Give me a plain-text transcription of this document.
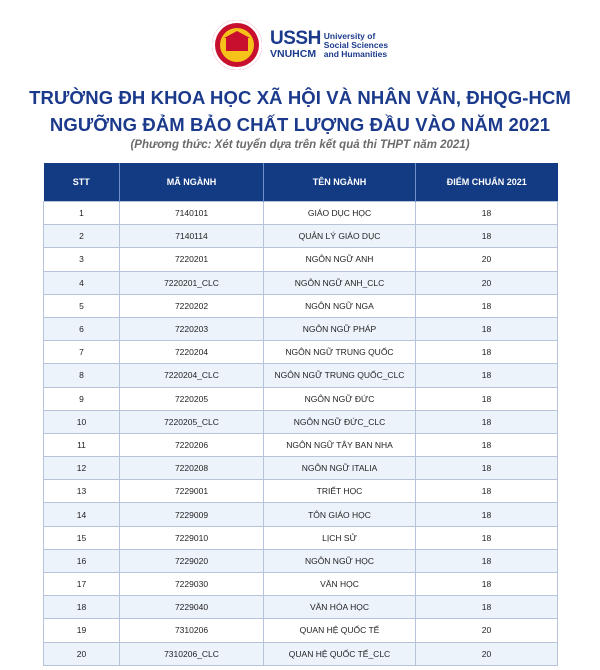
USSH
VNUHCM
University of
Social Sciences
and Humanities
TRƯỜNG ĐH KHOA HỌC XÃ HỘI VÀ NHÂN VĂN, ĐHQG-HCM
NGƯỠNG ĐẢM BẢO CHẤT LƯỢNG ĐẦU VÀO NĂM 2021
(Phương thức: Xét tuyển dựa trên kết quả thi THPT năm 2021)
STT	MÃ NGÀNH	TÊN NGÀNH	ĐIỂM CHUẨN 2021
1	7140101	GIÁO DỤC HỌC	18
2	7140114	QUẢN LÝ GIÁO DỤC	18
3	7220201	NGÔN NGỮ ANH	20
4	7220201_CLC	NGÔN NGỮ ANH_CLC	20
5	7220202	NGÔN NGỮ NGA	18
6	7220203	NGÔN NGỮ PHÁP	18
7	7220204	NGÔN NGỮ TRUNG QUỐC	18
8	7220204_CLC	NGÔN NGỮ TRUNG QUỐC_CLC	18
9	7220205	NGÔN NGỮ ĐỨC	18
10	7220205_CLC	NGÔN NGỮ ĐỨC_CLC	18
11	7220206	NGÔN NGỮ TÂY BAN NHA	18
12	7220208	NGÔN NGỮ ITALIA	18
13	7229001	TRIẾT HỌC	18
14	7229009	TÔN GIÁO HỌC	18
15	7229010	LỊCH SỬ	18
16	7229020	NGÔN NGỮ HỌC	18
17	7229030	VĂN HỌC	18
18	7229040	VĂN HÓA HỌC	18
19	7310206	QUAN HỆ QUỐC TẾ	20
20	7310206_CLC	QUAN HỆ QUỐC TẾ_CLC	20
